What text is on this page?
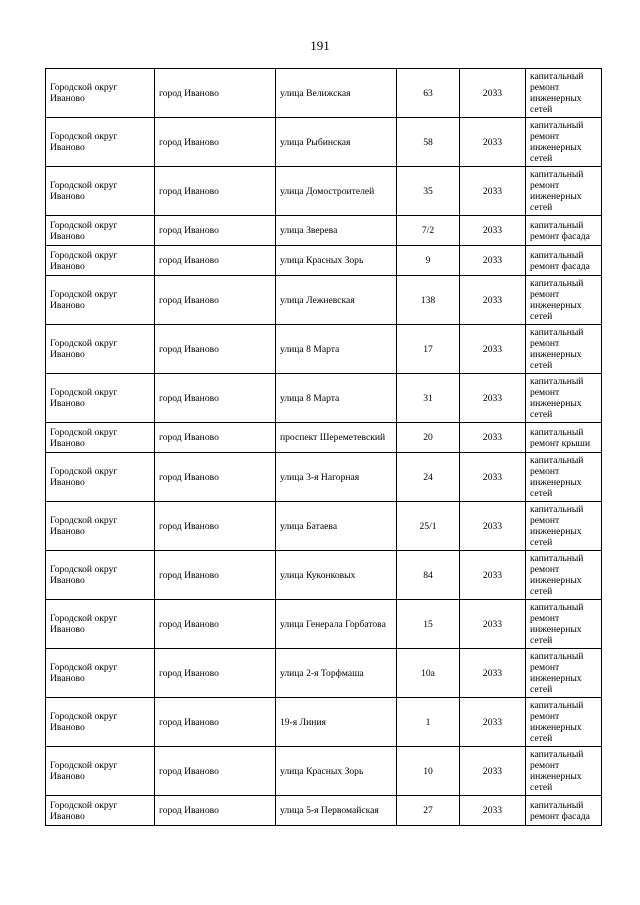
191
Городской округ Иваново	город Иваново	улица Велижская	63	2033	капитальный ремонт инженерных сетей
Городской округ Иваново	город Иваново	улица Рыбинская	58	2033	капитальный ремонт инженерных сетей
Городской округ Иваново	город Иваново	улица Домостроителей	35	2033	капитальный ремонт инженерных сетей
Городской округ Иваново	город Иваново	улица Зверева	7/2	2033	капитальный ремонт фасада
Городской округ Иваново	город Иваново	улица Красных Зорь	9	2033	капитальный ремонт фасада
Городской округ Иваново	город Иваново	улица Лежневская	138	2033	капитальный ремонт инженерных сетей
Городской округ Иваново	город Иваново	улица 8 Марта	17	2033	капитальный ремонт инженерных сетей
Городской округ Иваново	город Иваново	улица 8 Марта	31	2033	капитальный ремонт инженерных сетей
Городской округ Иваново	город Иваново	проспект Шереметевский	20	2033	капитальный ремонт крыши
Городской округ Иваново	город Иваново	улица 3-я Нагорная	24	2033	капитальный ремонт инженерных сетей
Городской округ Иваново	город Иваново	улица Батаева	25/1	2033	капитальный ремонт инженерных сетей
Городской округ Иваново	город Иваново	улица Куконковых	84	2033	капитальный ремонт инженерных сетей
Городской округ Иваново	город Иваново	улица Генерала Горбатова	15	2033	капитальный ремонт инженерных сетей
Городской округ Иваново	город Иваново	улица 2-я Торфмаша	10а	2033	капитальный ремонт инженерных сетей
Городской округ Иваново	город Иваново	19-я Линия	1	2033	капитальный ремонт инженерных сетей
Городской округ Иваново	город Иваново	улица Красных Зорь	10	2033	капитальный ремонт инженерных сетей
Городской округ Иваново	город Иваново	улица 5-я Первомайская	27	2033	капитальный ремонт фасада
